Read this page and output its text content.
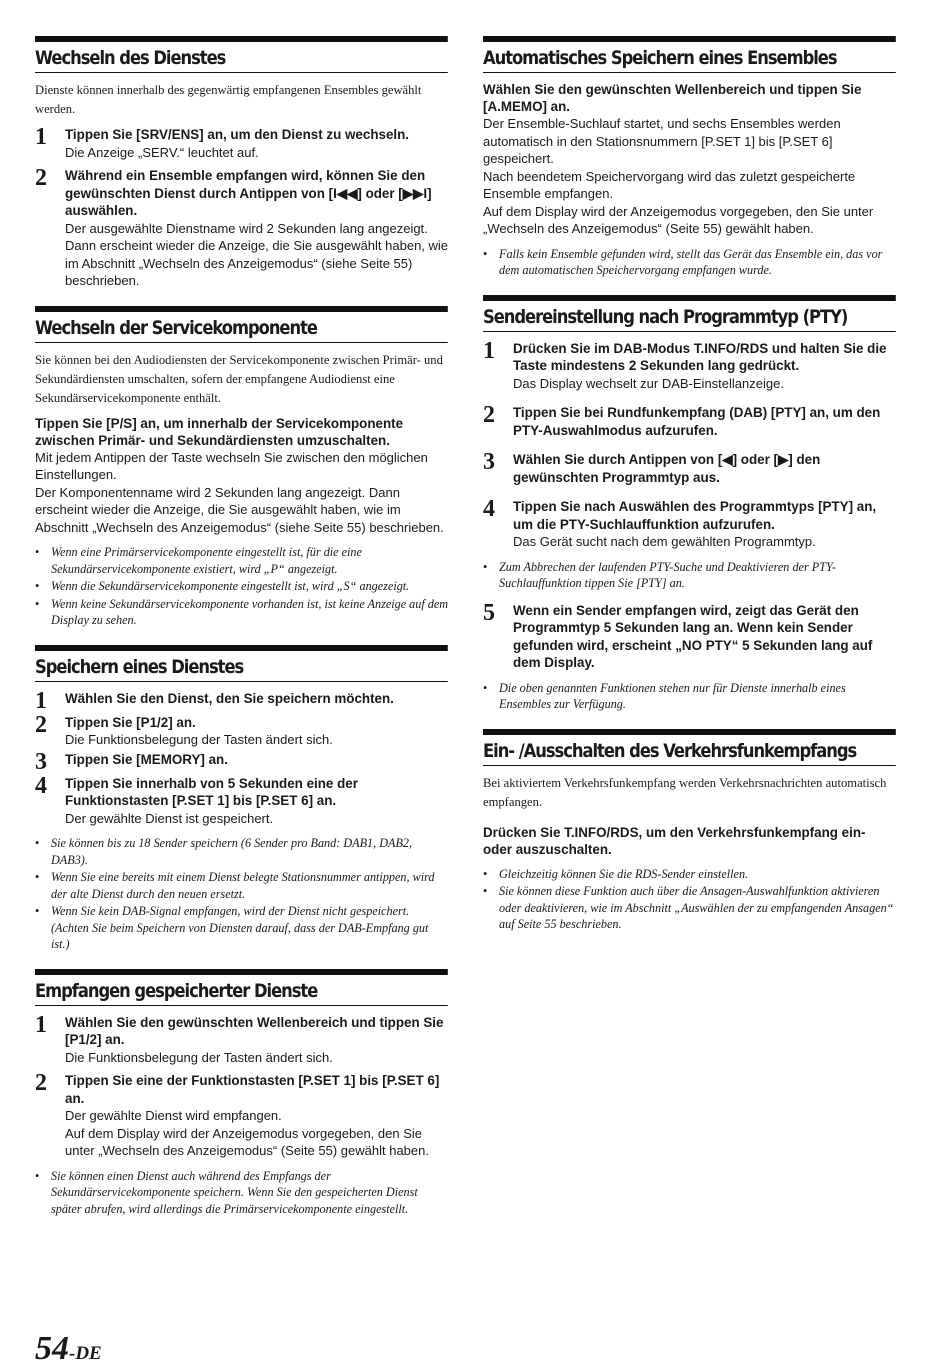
Wechseln des Dienstes

Dienste können innerhalb des gegenwärtig empfangenen Ensembles gewählt werden.

1	Tippen Sie [SRV/ENS] an, um den Dienst zu wechseln.

Die Anzeige „SERV.“ leuchtet auf.

2	Während ein Ensemble empfangen wird, können Sie den gewünschten Dienst durch Antippen von [I◀◀] oder [▶▶I] auswählen.

Der ausgewählte Dienstname wird 2 Sekunden lang angezeigt. Dann erscheint wieder die Anzeige, die Sie ausgewählt haben, wie im Abschnitt „Wechseln des Anzeigemodus“ (siehe Seite 55) beschrieben.

Wechseln der Servicekomponente

Sie können bei den Audiodiensten der Servicekomponente zwischen Primär- und Sekundärdiensten umschalten, sofern der empfangene Audiodienst eine Sekundärservicekomponente enthält.

Tippen Sie [P/S] an, um innerhalb der Servicekomponente zwischen Primär- und Sekundärdiensten umzuschalten.

Mit jedem Antippen der Taste wechseln Sie zwischen den möglichen Einstellungen.

Der Komponentenname wird 2 Sekunden lang angezeigt. Dann erscheint wieder die Anzeige, die Sie ausgewählt haben, wie im Abschnitt „Wechseln des Anzeigemodus“ (siehe Seite 55) beschrieben.

• Wenn eine Primärservicekomponente eingestellt ist, für die eine Sekundärservicekomponente existiert, wird „P“ angezeigt.
• Wenn die Sekundärservicekomponente eingestellt ist, wird „S“ angezeigt.
• Wenn keine Sekundärservicekomponente vorhanden ist, ist keine Anzeige auf dem Display zu sehen.
Speichern eines Dienstes
1	Wählen Sie den Dienst, den Sie speichern möchten.

2	Tippen Sie [P1/2] an.

Die Funktionsbelegung der Tasten ändert sich.

3	Tippen Sie [MEMORY] an.

4	Tippen Sie innerhalb von 5 Sekunden eine der Funktionstasten [P.SET 1] bis [P.SET 6] an.

Der gewählte Dienst ist gespeichert.

• Sie können bis zu 18 Sender speichern (6 Sender pro Band: DAB1, DAB2, DAB3).
• Wenn Sie eine bereits mit einem Dienst belegte Stationsnummer antippen, wird der alte Dienst durch den neuen ersetzt.
• Wenn Sie kein DAB-Signal empfangen, wird der Dienst nicht gespeichert. (Achten Sie beim Speichern von Diensten darauf, dass der DAB-Empfang gut ist.)
Empfangen gespeicherter Dienste
1	Wählen Sie den gewünschten Wellenbereich und tippen Sie [P1/2] an.

Die Funktionsbelegung der Tasten ändert sich.

2	Tippen Sie eine der Funktionstasten [P.SET 1] bis [P.SET 6] an.

Der gewählte Dienst wird empfangen.

Auf dem Display wird der Anzeigemodus vorgegeben, den Sie unter „Wechseln des Anzeigemodus“ (Seite 55) gewählt haben.

• Sie können einen Dienst auch während des Empfangs der Sekundärservicekomponente speichern. Wenn Sie den gespeicherten Dienst später abrufen, wird allerdings die Primärservicekomponente eingestellt.
Automatisches Speichern eines Ensembles

Wählen Sie den gewünschten Wellenbereich und tippen Sie [A.MEMO] an.

Der Ensemble-Suchlauf startet, und sechs Ensembles werden automatisch in den Stationsnummern [P.SET 1] bis [P.SET 6] gespeichert.

Nach beendetem Speichervorgang wird das zuletzt gespeicherte Ensemble empfangen.

Auf dem Display wird der Anzeigemodus vorgegeben, den Sie unter „Wechseln des Anzeigemodus“ (Seite 55) gewählt haben.

• Falls kein Ensemble gefunden wird, stellt das Gerät das Ensemble ein, das vor dem automatischen Speichervorgang empfangen wurde.
Sendereinstellung nach Programmtyp (PTY)
1	Drücken Sie im DAB-Modus T.INFO/RDS und halten Sie die Taste mindestens 2 Sekunden lang gedrückt.

Das Display wechselt zur DAB-Einstellanzeige.

2	Tippen Sie bei Rundfunkempfang (DAB) [PTY] an, um den PTY-Auswahlmodus aufzurufen.

3	Wählen Sie durch Antippen von [◀] oder [▶] den gewünschten Programmtyp aus.

4	Tippen Sie nach Auswählen des Programmtyps [PTY] an, um die PTY-Suchlauffunktion aufzurufen.

Das Gerät sucht nach dem gewählten Programmtyp.

• Zum Abbrechen der laufenden PTY-Suche und Deaktivieren der PTY-Suchlauffunktion tippen Sie [PTY] an.
5	Wenn ein Sender empfangen wird, zeigt das Gerät den Programmtyp 5 Sekunden lang an. Wenn kein Sender gefunden wird, erscheint „NO PTY“ 5 Sekunden lang auf dem Display.

• Die oben genannten Funktionen stehen nur für Dienste innerhalb eines Ensembles zur Verfügung.
Ein- /Ausschalten des Verkehrsfunkempfangs

Bei aktiviertem Verkehrsfunkempfang werden Verkehrsnachrichten automatisch empfangen.

Drücken Sie T.INFO/RDS, um den Verkehrsfunkempfang ein- oder auszuschalten.

• Gleichzeitig können Sie die RDS-Sender einstellen.
• Sie können diese Funktion auch über die Ansagen-Auswahlfunktion aktivieren oder deaktivieren, wie im Abschnitt „Auswählen der zu empfangenden Ansagen“ auf Seite 55 beschrieben.
54-DE
